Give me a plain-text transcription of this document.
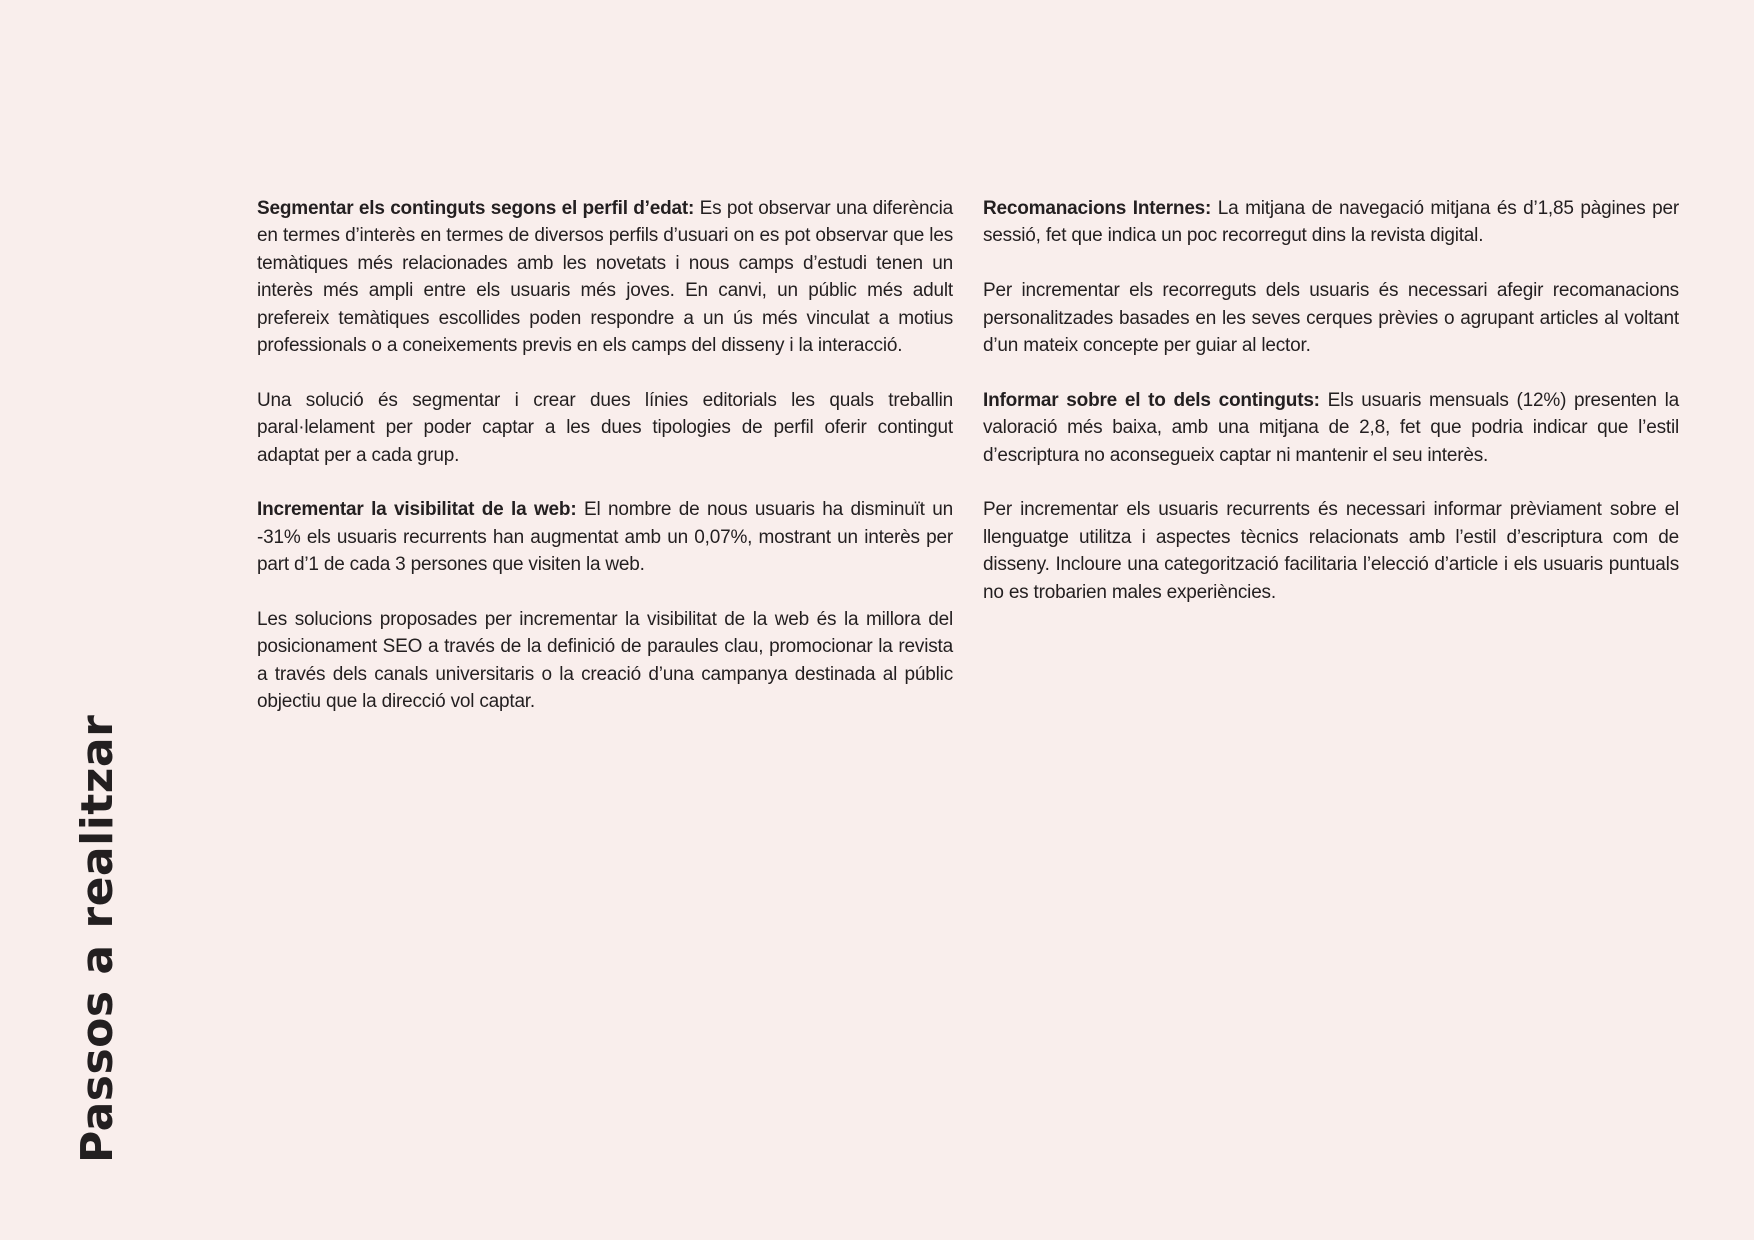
Passos a realitzar

Segmentar els continguts segons el perfil d’edat: Es pot observar una diferència en termes d’interès en termes de diversos perfils d’usuari on es pot observar que les temàtiques més relacionades amb les novetats i nous camps d’estudi tenen un interès més ampli entre els usuaris més joves. En canvi, un públic més adult prefereix temàtiques escollides poden respondre a un ús més vinculat a motius professionals o a coneixements previs en els camps del disseny i la interacció.

Una solució és segmentar i crear dues línies editorials les quals treballin paral·lelament per poder captar a les dues tipologies de perfil oferir contingut adaptat per a cada grup.

Incrementar la visibilitat de la web: El nombre de nous usuaris ha disminuït un -31% els usuaris recurrents han augmentat amb un 0,07%, mostrant un interès per part d’1 de cada 3 persones que visiten la web.

Les solucions proposades per incrementar la visibilitat de la web és la millora del posicionament SEO a través de la definició de paraules clau, promocionar la revista a través dels canals universitaris o la creació d’una campanya destinada al públic objectiu que la direcció vol captar.

Recomanacions Internes: La mitjana de navegació mitjana és d’1,85 pàgines per sessió, fet que indica un poc recorregut dins la revista digital.

Per incrementar els recorreguts dels usuaris és necessari afegir recomanacions personalitzades basades en les seves cerques prèvies o agrupant articles al voltant d’un mateix concepte per guiar al lector.

Informar sobre el to dels continguts: Els usuaris mensuals (12%) presenten la valoració més baixa, amb una mitjana de 2,8, fet que podria indicar que l’estil d’escriptura no aconsegueix captar ni mantenir el seu interès.

Per incrementar els usuaris recurrents és necessari informar prèviament sobre el llenguatge utilitza i aspectes tècnics relacionats amb l’estil d’escriptura com de disseny. Incloure una categorització facilitaria l’elecció d’article i els usuaris puntuals no es trobarien males experiències.
